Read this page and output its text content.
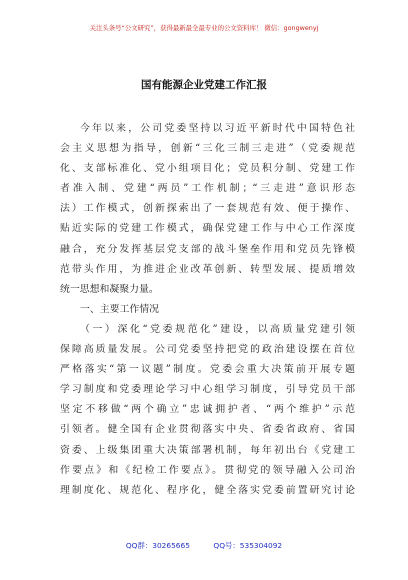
关注头条号“公文研究”，获得最新最全最专业的公文资料库！ 微信：gongwenyj
国有能源企业党建工作汇报
今年以来，公司党委坚持以习近平新时代中国特色社
会主义思想为指导，创新“三化三制三走进”（党委规范
化、支部标准化、党小组项目化；党员积分制、党建工作
者准入制、党建“两员”工作机制；“三走进”意识形态
法）工作模式，创新探索出了一套规范有效、便于操作、
贴近实际的党建工作模式，确保党建工作与中心工作深度
融合，充分发挥基层党支部的战斗堡垒作用和党员先锋模
范带头作用，为推进企业改革创新、转型发展、提质增效
统一思想和凝聚力量。
一、主要工作情况
（一）深化“党委规范化”建设，以高质量党建引领
保障高质量发展。公司党委坚持把党的政治建设摆在首位
严格落实“第一议题”制度。党委会重大决策前开展专题
学习制度和党委理论学习中心组学习制度，引导党员干部
坚定不移做“两个确立”忠诚拥护者、“两个维护”示范
引领者。健全国有企业贯彻落实中央、省委省政府、省国
资委、上级集团重大决策部署机制，每年初出台《党建工
作要点》和《纪检工作要点》。贯彻党的领导融入公司治
理制度化、规范化、程序化，健全落实党委前置研究讨论
QQ群：30265665          QQ号：535304092
